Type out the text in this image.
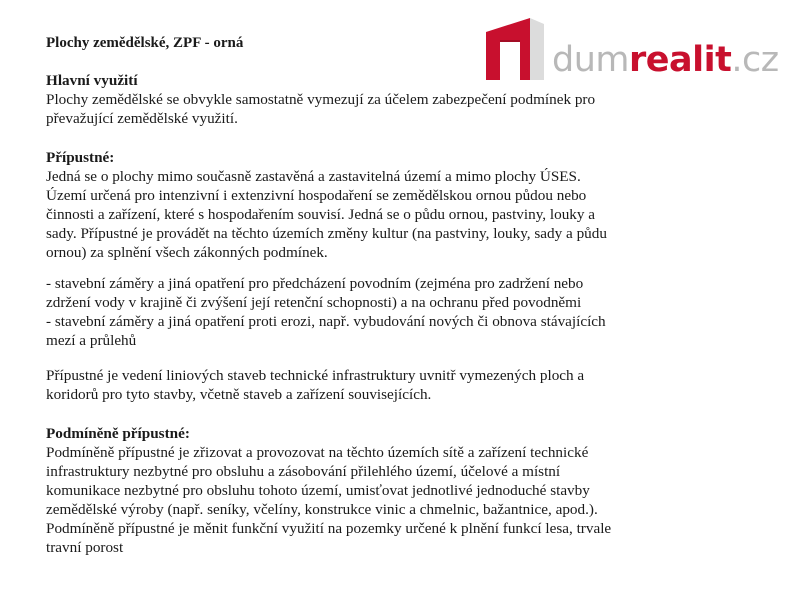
dumrealit.cz

Plochy zemědělské, ZPF - orná

Hlavní využití

Plochy zemědělské se obvykle samostatně vymezují za účelem zabezpečení podmínek pro

převažující zemědělské využití.

Přípustné:

Jedná se o plochy mimo současně zastavěná a zastavitelná území a mimo plochy ÚSES.

Území určená pro intenzivní i extenzivní hospodaření se zemědělskou ornou půdou nebo

činnosti a zařízení, které s hospodařením souvisí. Jedná se o půdu ornou, pastviny, louky a

sady. Přípustné je provádět na těchto územích změny kultur (na pastviny, louky, sady a půdu

ornou) za splnění všech zákonných podmínek.

- stavební záměry a jiná opatření pro předcházení povodním (zejména pro zadržení nebo

zdržení vody v krajině či zvýšení její retenční schopnosti) a na ochranu před povodněmi

- stavební záměry a jiná opatření proti erozi, např. vybudování nových či obnova stávajících

mezí a průlehů

Přípustné je vedení liniových staveb technické infrastruktury uvnitř vymezených ploch a

koridorů pro tyto stavby, včetně staveb a zařízení souvisejících.

Podmíněně přípustné:

Podmíněně přípustné je zřizovat a provozovat na těchto územích sítě a zařízení technické

infrastruktury nezbytné pro obsluhu a zásobování přilehlého území, účelové a místní

komunikace nezbytné pro obsluhu tohoto území, umisťovat jednotlivé jednoduché stavby

zemědělské výroby (např. seníky, včelíny, konstrukce vinic a chmelnic, bažantnice, apod.).

Podmíněně přípustné je měnit funkční využití na pozemky určené k plnění funkcí lesa, trvale

travní porost
